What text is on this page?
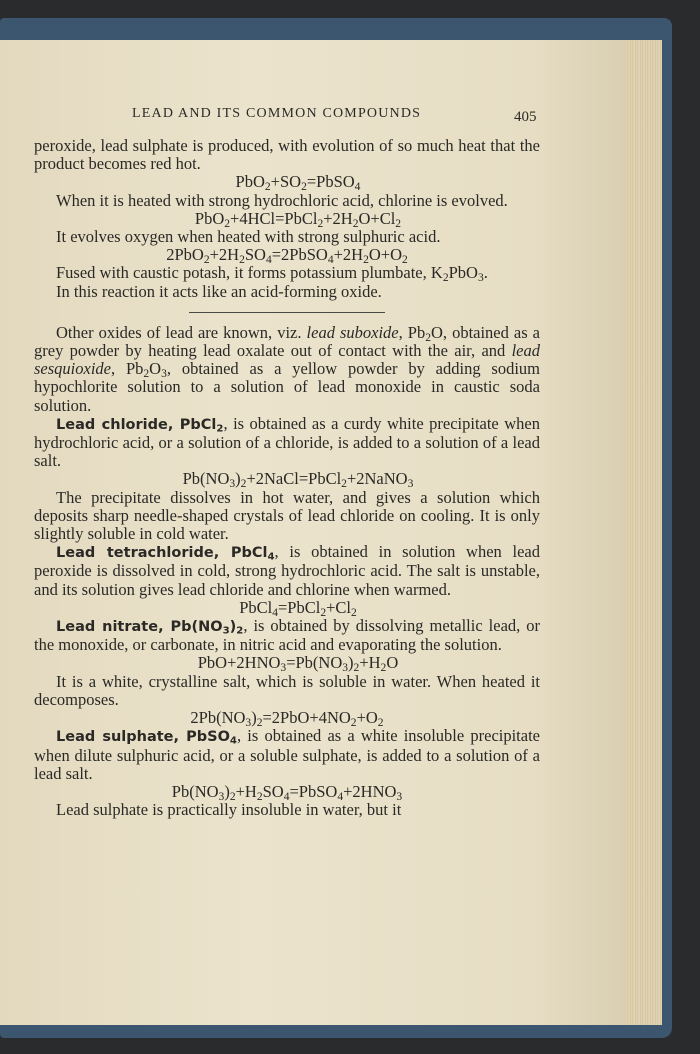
LEAD AND ITS COMMON COMPOUNDS	405

peroxide, lead sulphate is produced, with evolution of so much heat that the product becomes red hot.

$PbO_2+SO_2=PbSO_4$

When it is heated with strong hydrochloric acid, chlorine is evolved.

$PbO_2+4HCl=PbCl_2+2H_2O+Cl_2$

It evolves oxygen when heated with strong sulphuric acid.

$2PbO_2+2H_2SO_4=2PbSO_4+2H_2O+O_2$

Fused with caustic potash, it forms potassium plumbate, $K_2PbO_3$.

In this reaction it acts like an acid-forming oxide.

Other oxides of lead are known, viz. lead suboxide, $Pb_2O$, obtained as a grey powder by heating lead oxalate out of contact with the air, and lead sesquioxide, $Pb_2O_3$, obtained as a yellow powder by adding sodium hypochlorite solution to a solution of lead monoxide in caustic soda solution.

Lead chloride, PbCl$_2$, is obtained as a curdy white precipitate when hydrochloric acid, or a solution of a chloride, is added to a solution of a lead salt.

$Pb(NO_3)_2+2NaCl=PbCl_2+2NaNO_3$

The precipitate dissolves in hot water, and gives a solution which deposits sharp needle-shaped crystals of lead chloride on cooling. It is only slightly soluble in cold water.

Lead tetrachloride, PbCl$_4$, is obtained in solution when lead peroxide is dissolved in cold, strong hydrochloric acid. The salt is unstable, and its solution gives lead chloride and chlorine when warmed.

$PbCl_4=PbCl_2+Cl_2$

Lead nitrate, $Pb(NO_3)_2$, is obtained by dissolving metallic lead, or the monoxide, or carbonate, in nitric acid and evaporating the solution.

$PbO+2HNO_3=Pb(NO_3)_2+H_2O$

It is a white, crystalline salt, which is soluble in water. When heated it decomposes.

$2Pb(NO_3)_2=2PbO+4NO_2+O_2$

Lead sulphate, PbSO$_4$, is obtained as a white insoluble precipitate when dilute sulphuric acid, or a soluble sulphate, is added to a solution of a lead salt.

$Pb(NO_3)_2+H_2SO_4=PbSO_4+2HNO_3$

Lead sulphate is practically insoluble in water, but it
